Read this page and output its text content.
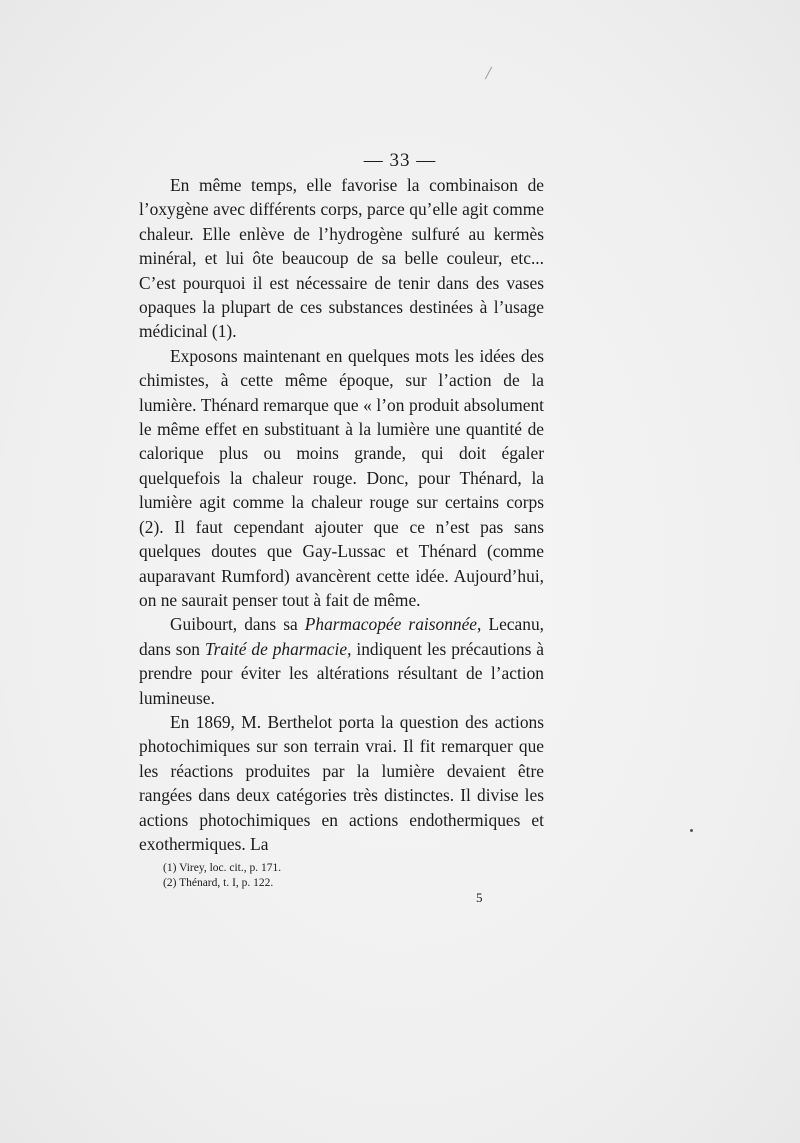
— 33 —

En même temps, elle favorise la combinaison de l’oxygène avec différents corps, parce qu’elle agit comme chaleur. Elle enlève de l’hydrogène sulfuré au kermès minéral, et lui ôte beaucoup de sa belle couleur, etc... C’est pourquoi il est nécessaire de tenir dans des vases opaques la plupart de ces substances destinées à l’usage médicinal (1).

Exposons maintenant en quelques mots les idées des chimistes, à cette même époque, sur l’action de la lumière. Thénard remarque que « l’on produit absolument le même effet en substituant à la lumière une quantité de calorique plus ou moins grande, qui doit égaler quelquefois la chaleur rouge. Donc, pour Thénard, la lumière agit comme la chaleur rouge sur certains corps (2). Il faut cependant ajouter que ce n’est pas sans quelques doutes que Gay-Lussac et Thénard (comme auparavant Rumford) avancèrent cette idée. Aujourd’hui, on ne saurait penser tout à fait de même.

Guibourt, dans sa Pharmacopée raisonnée, Lecanu, dans son Traité de pharmacie, indiquent les précautions à prendre pour éviter les altérations résultant de l’action lumineuse.

En 1869, M. Berthelot porta la question des actions photochimiques sur son terrain vrai. Il fit remarquer que les réactions produites par la lumière devaient être rangées dans deux catégories très distinctes. Il divise les actions photochimiques en actions endothermiques et exothermiques. La

(1) Virey, loc. cit., p. 171.
(2) Thénard, t. I, p. 122.
5
